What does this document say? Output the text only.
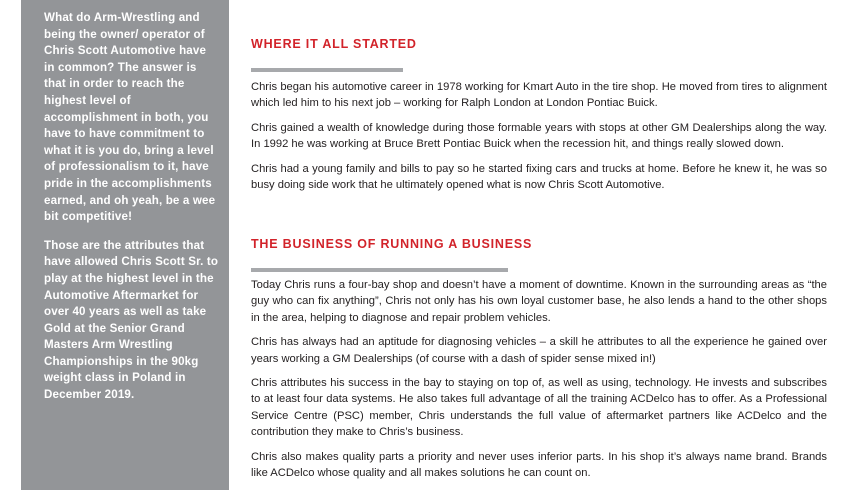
What do Arm-Wrestling and being the owner/ operator of Chris Scott Automotive have in common? The answer is that in order to reach the highest level of accomplishment in both, you have to have commitment to what it is you do, bring a level of professionalism to it, have pride in the accomplishments earned, and oh yeah, be a wee bit competitive!

Those are the attributes that have allowed Chris Scott Sr. to play at the highest level in the Automotive Aftermarket for over 40 years as well as take Gold at the Senior Grand Masters Arm Wrestling Championships in the 90kg weight class in Poland in December 2019.

WHERE IT ALL STARTED

Chris began his automotive career in 1978 working for Kmart Auto in the tire shop. He moved from tires to alignment which led him to his next job – working for Ralph London at London Pontiac Buick.

Chris gained a wealth of knowledge during those formable years with stops at other GM Dealerships along the way. In 1992 he was working at Bruce Brett Pontiac Buick when the recession hit, and things really slowed down.

Chris had a young family and bills to pay so he started fixing cars and trucks at home. Before he knew it, he was so busy doing side work that he ultimately opened what is now Chris Scott Automotive.

THE BUSINESS OF RUNNING A BUSINESS

Today Chris runs a four-bay shop and doesn’t have a moment of downtime. Known in the surrounding areas as “the guy who can fix anything”, Chris not only has his own loyal customer base, he also lends a hand to the other shops in the area, helping to diagnose and repair problem vehicles.

Chris has always had an aptitude for diagnosing vehicles – a skill he attributes to all the experience he gained over years working a GM Dealerships (of course with a dash of spider sense mixed in!)

Chris attributes his success in the bay to staying on top of, as well as using, technology. He invests and subscribes to at least four data systems. He also takes full advantage of all the training ACDelco has to offer. As a Professional Service Centre (PSC) member, Chris understands the full value of aftermarket partners like ACDelco and the contribution they make to Chris’s business.

Chris also makes quality parts a priority and never uses inferior parts. In his shop it’s always name brand. Brands like ACDelco whose quality and all makes solutions he can count on.
